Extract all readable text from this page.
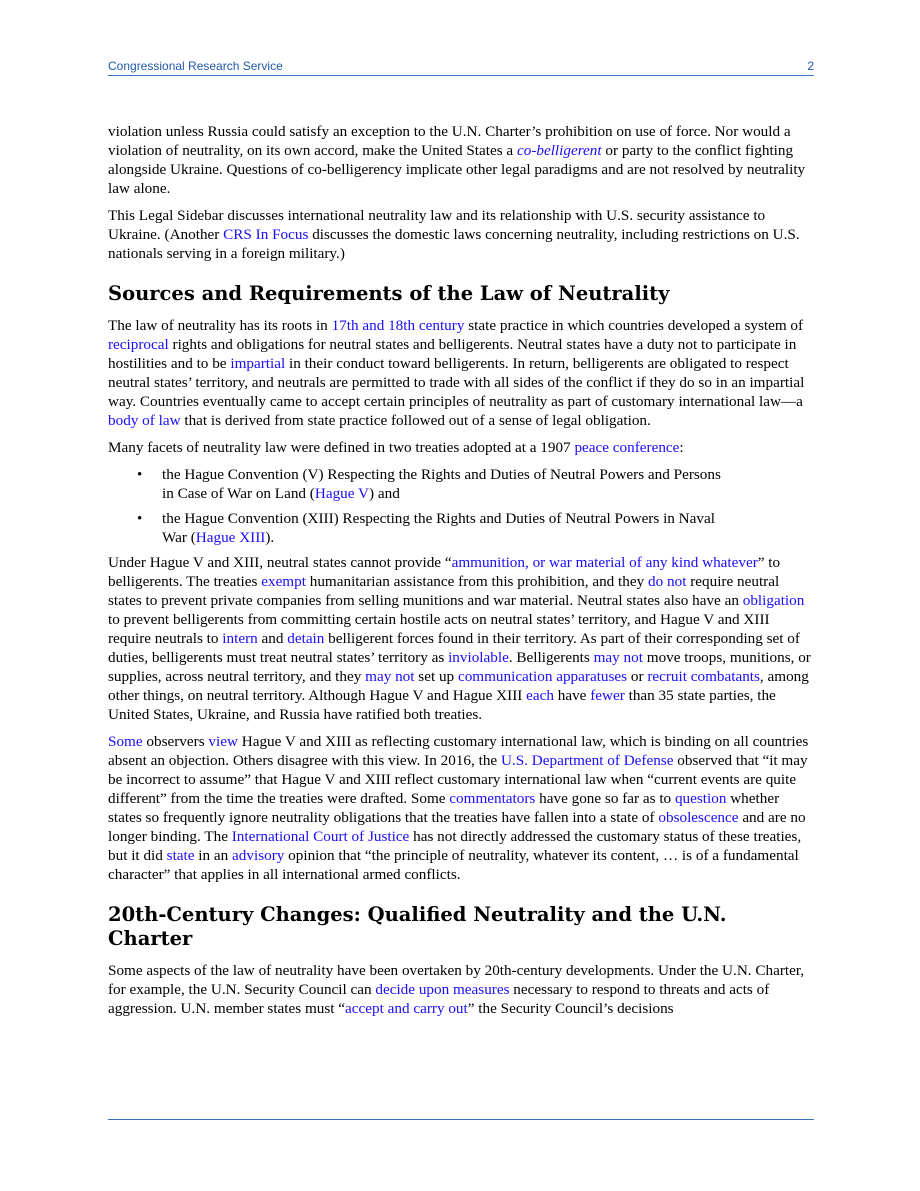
Congressional Research Service	2

violation unless Russia could satisfy an exception to the U.N. Charter’s prohibition on use of force. Nor would a violation of neutrality, on its own accord, make the United States a co-belligerent or party to the conflict fighting alongside Ukraine. Questions of co-belligerency implicate other legal paradigms and are not resolved by neutrality law alone.

This Legal Sidebar discusses international neutrality law and its relationship with U.S. security assistance to Ukraine. (Another CRS In Focus discusses the domestic laws concerning neutrality, including restrictions on U.S. nationals serving in a foreign military.)

Sources and Requirements of the Law of Neutrality

The law of neutrality has its roots in 17th and 18th century state practice in which countries developed a system of reciprocal rights and obligations for neutral states and belligerents. Neutral states have a duty not to participate in hostilities and to be impartial in their conduct toward belligerents. In return, belligerents are obligated to respect neutral states’ territory, and neutrals are permitted to trade with all sides of the conflict if they do so in an impartial way. Countries eventually came to accept certain principles of neutrality as part of customary international law—a body of law that is derived from state practice followed out of a sense of legal obligation.

Many facets of neutrality law were defined in two treaties adopted at a 1907 peace conference:

• the Hague Convention (V) Respecting the Rights and Duties of Neutral Powers and Persons in Case of War on Land (Hague V) and
• the Hague Convention (XIII) Respecting the Rights and Duties of Neutral Powers in Naval War (Hague XIII).

Under Hague V and XIII, neutral states cannot provide “ammunition, or war material of any kind whatever” to belligerents. The treaties exempt humanitarian assistance from this prohibition, and they do not require neutral states to prevent private companies from selling munitions and war material. Neutral states also have an obligation to prevent belligerents from committing certain hostile acts on neutral states’ territory, and Hague V and XIII require neutrals to intern and detain belligerent forces found in their territory. As part of their corresponding set of duties, belligerents must treat neutral states’ territory as inviolable. Belligerents may not move troops, munitions, or supplies, across neutral territory, and they may not set up communication apparatuses or recruit combatants, among other things, on neutral territory. Although Hague V and Hague XIII each have fewer than 35 state parties, the United States, Ukraine, and Russia have ratified both treaties.

Some observers view Hague V and XIII as reflecting customary international law, which is binding on all countries absent an objection. Others disagree with this view. In 2016, the U.S. Department of Defense observed that “it may be incorrect to assume” that Hague V and XIII reflect customary international law when “current events are quite different” from the time the treaties were drafted. Some commentators have gone so far as to question whether states so frequently ignore neutrality obligations that the treaties have fallen into a state of obsolescence and are no longer binding. The International Court of Justice has not directly addressed the customary status of these treaties, but it did state in an advisory opinion that “the principle of neutrality, whatever its content, … is of a fundamental character” that applies in all international armed conflicts.

20th-Century Changes: Qualified Neutrality and the U.N. Charter

Some aspects of the law of neutrality have been overtaken by 20th-century developments. Under the U.N. Charter, for example, the U.N. Security Council can decide upon measures necessary to respond to threats and acts of aggression. U.N. member states must “accept and carry out” the Security Council’s decisions
